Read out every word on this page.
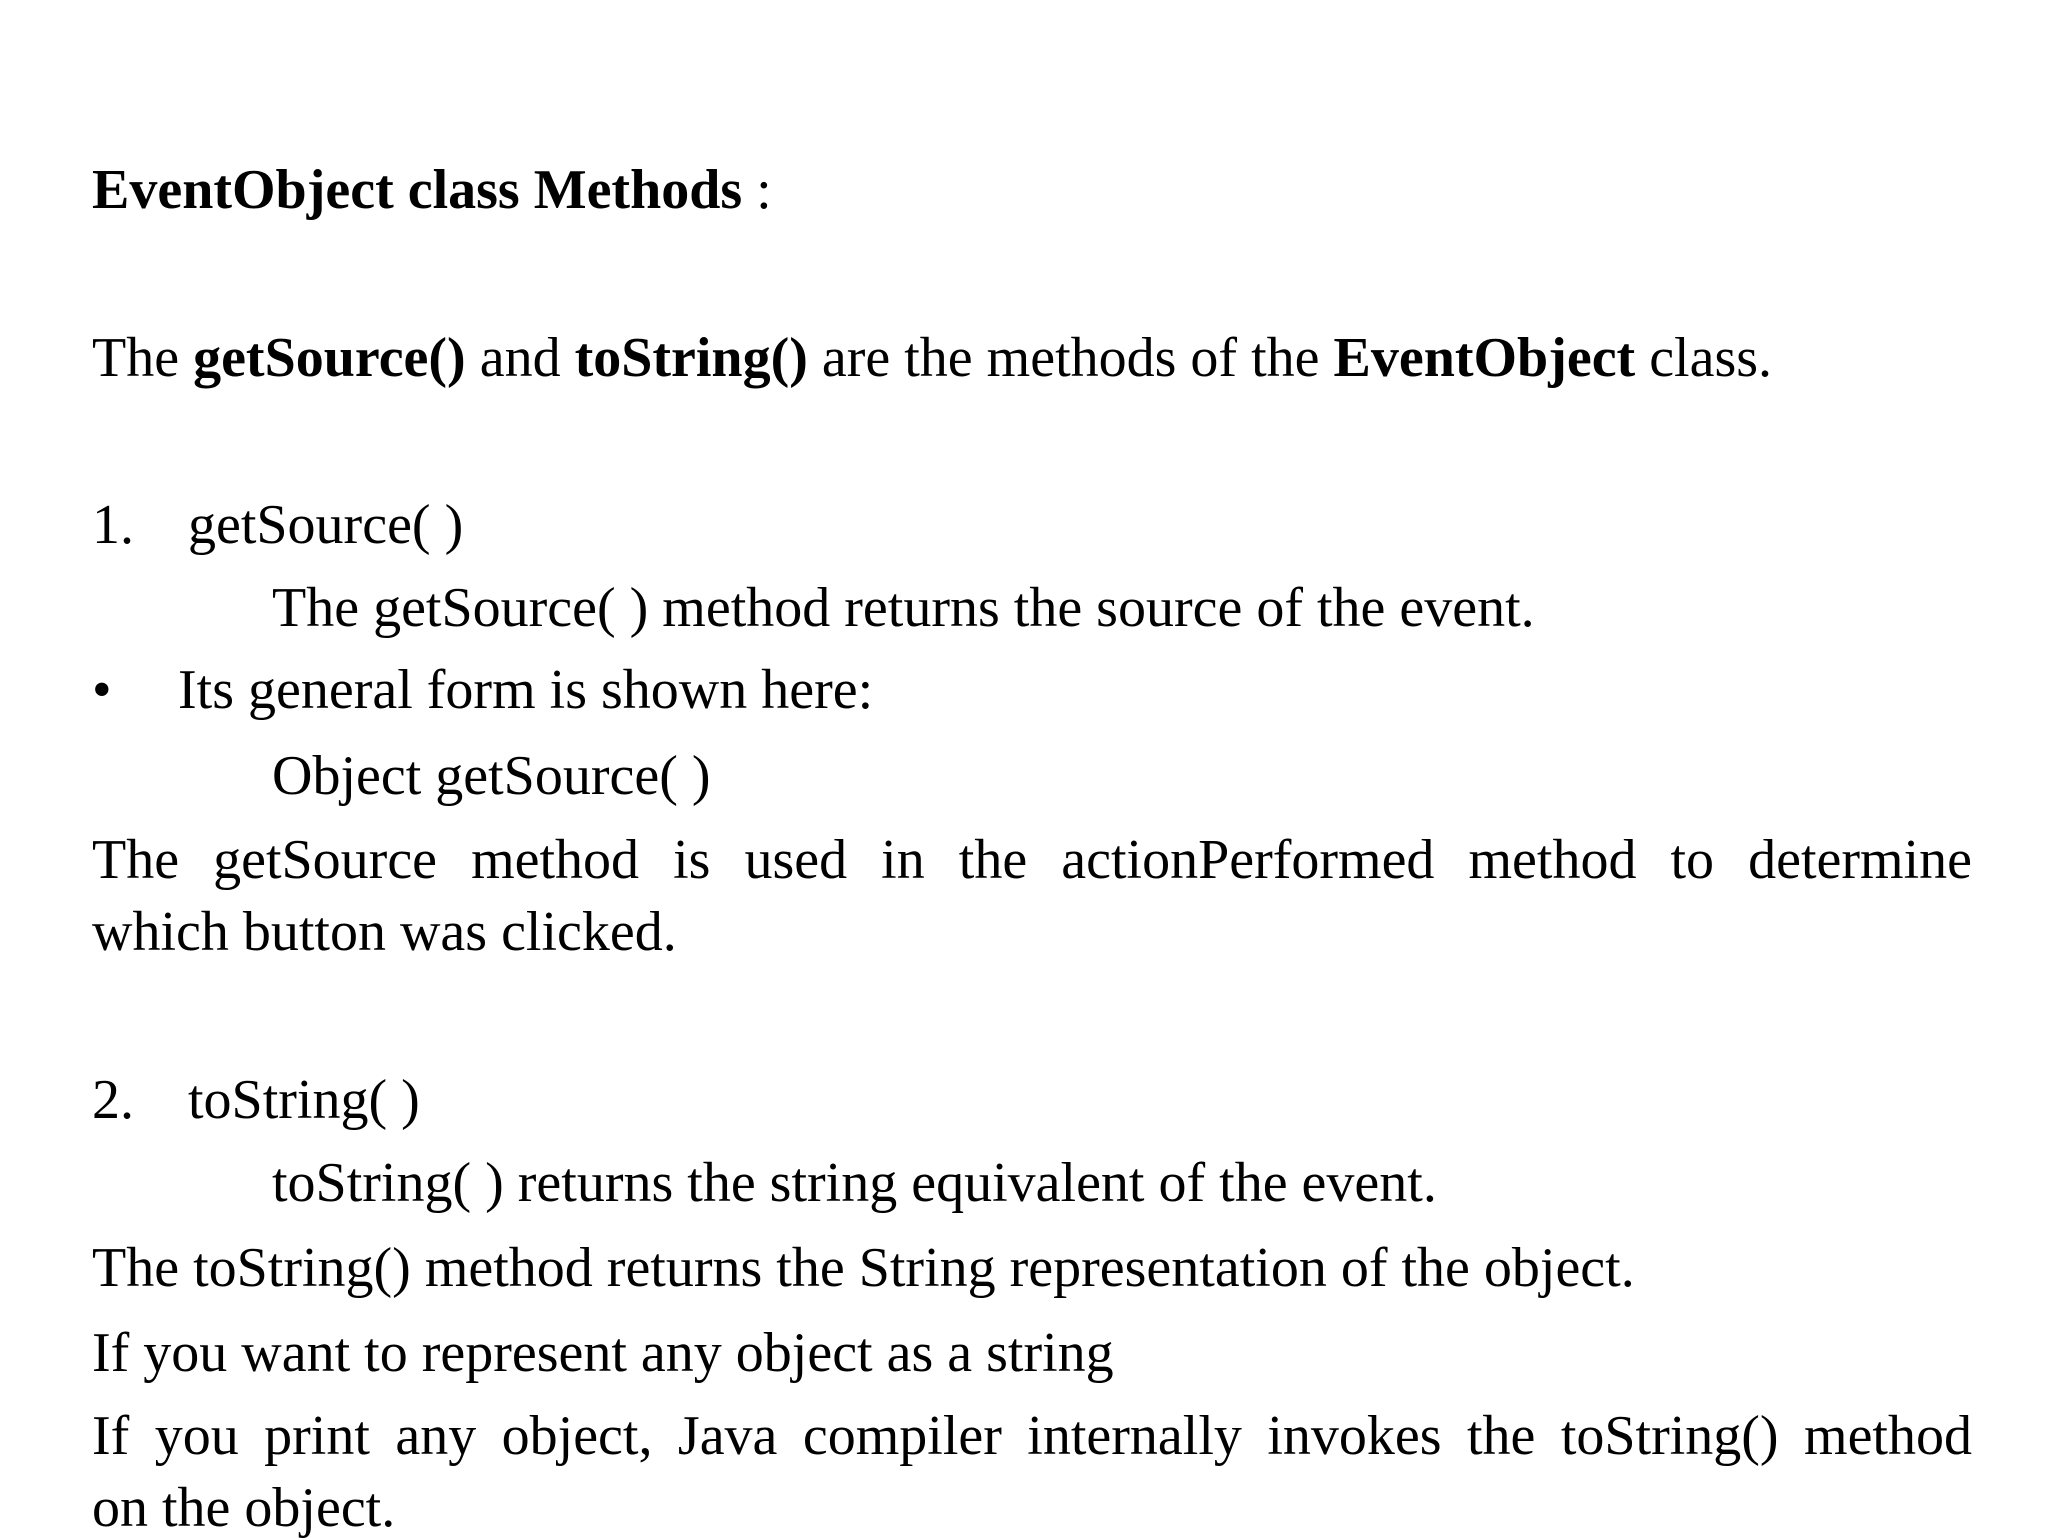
EventObject class Methods :
The getSource() and toString() are the methods of the EventObject class.
1. getSource( )
The getSource( ) method returns the source of the event.
• Its general form is shown here:
Object getSource( )
The getSource method is used in the actionPerformed method to determine
which button was clicked.
2. toString( )
toString( ) returns the string equivalent of the event.
The toString() method returns the String representation of the object.
If you want to represent any object as a string
If you print any object, Java compiler internally invokes the toString() method
on the object.
